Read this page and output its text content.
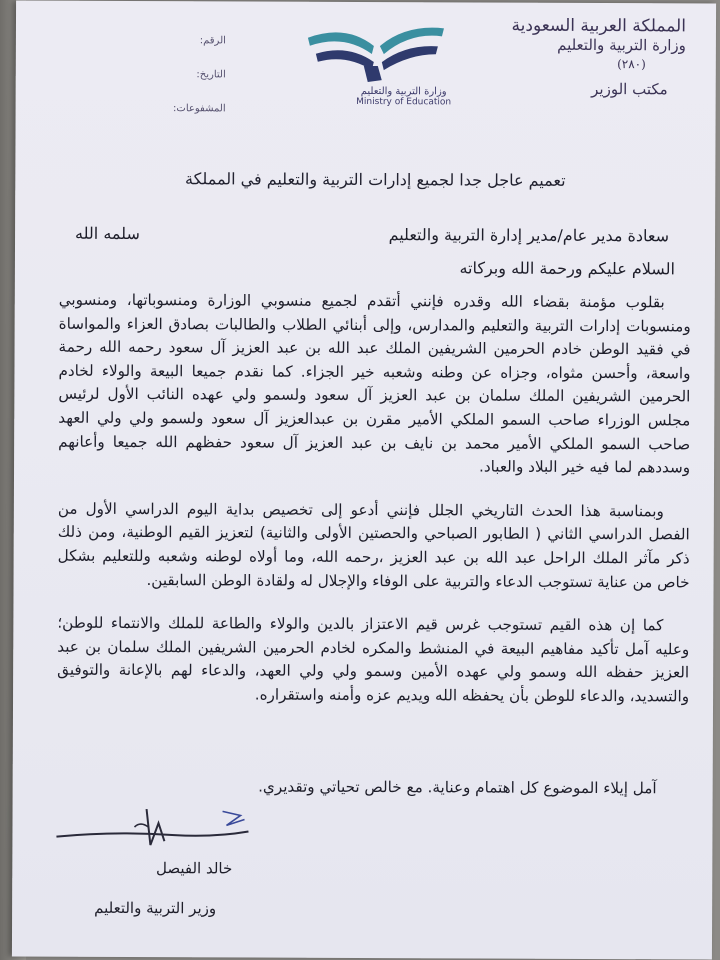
المملكة العربية السعودية
وزارة التربية والتعليم
(٢٨٠)
مكتب الوزير
وزارة التربية والتعليم
Ministry of Education
الرقم:
التاريخ:
المشفوعات:
تعميم عاجل جدا لجميع إدارات التربية والتعليم في المملكة
سعادة مدير عام/مدير إدارة التربية والتعليم
سلمه الله
السلام عليكم ورحمة الله وبركاته

بقلوب مؤمنة بقضاء الله وقدره فإنني أتقدم لجميع منسوبي الوزارة ومنسوباتها، ومنسوبي ومنسوبات إدارات التربية والتعليم والمدارس، وإلى أبنائي الطلاب والطالبات بصادق العزاء والمواساة في فقيد الوطن خادم الحرمين الشريفين الملك عبد الله بن عبد العزيز آل سعود رحمه الله رحمة واسعة، وأحسن مثواه، وجزاه عن وطنه وشعبه خير الجزاء. كما نقدم جميعا البيعة والولاء لخادم الحرمين الشريفين الملك سلمان بن عبد العزيز آل سعود ولسمو ولي عهده النائب الأول لرئيس مجلس الوزراء صاحب السمو الملكي الأمير مقرن بن عبدالعزيز آل سعود ولسمو ولي ولي العهد صاحب السمو الملكي الأمير محمد بن نايف بن عبد العزيز آل سعود حفظهم الله جميعا وأعانهم وسددهم لما فيه خير البلاد والعباد.

وبمناسبة هذا الحدث التاريخي الجلل فإنني أدعو إلى تخصيص بداية اليوم الدراسي الأول من الفصل الدراسي الثاني ( الطابور الصباحي والحصتين الأولى والثانية) لتعزيز القيم الوطنية، ومن ذلك ذكر مآثر الملك الراحل عبد الله بن عبد العزيز ،رحمه الله، وما أولاه لوطنه وشعبه وللتعليم بشكل خاص من عناية تستوجب الدعاء والتربية على الوفاء والإجلال له ولقادة الوطن السابقين.

كما إن هذه القيم تستوجب غرس قيم الاعتزاز بالدين والولاء والطاعة للملك والانتماء للوطن؛ وعليه آمل تأكيد مفاهيم البيعة في المنشط والمكره لخادم الحرمين الشريفين الملك سلمان بن عبد العزيز حفظه الله وسمو ولي عهده الأمين وسمو ولي ولي العهد، والدعاء لهم بالإعانة والتوفيق والتسديد، والدعاء للوطن بأن يحفظه الله ويديم عزه وأمنه واستقراره.

آمل إيلاء الموضوع كل اهتمام وعناية. مع خالص تحياتي وتقديري.
خالد الفيصل
وزير التربية والتعليم
